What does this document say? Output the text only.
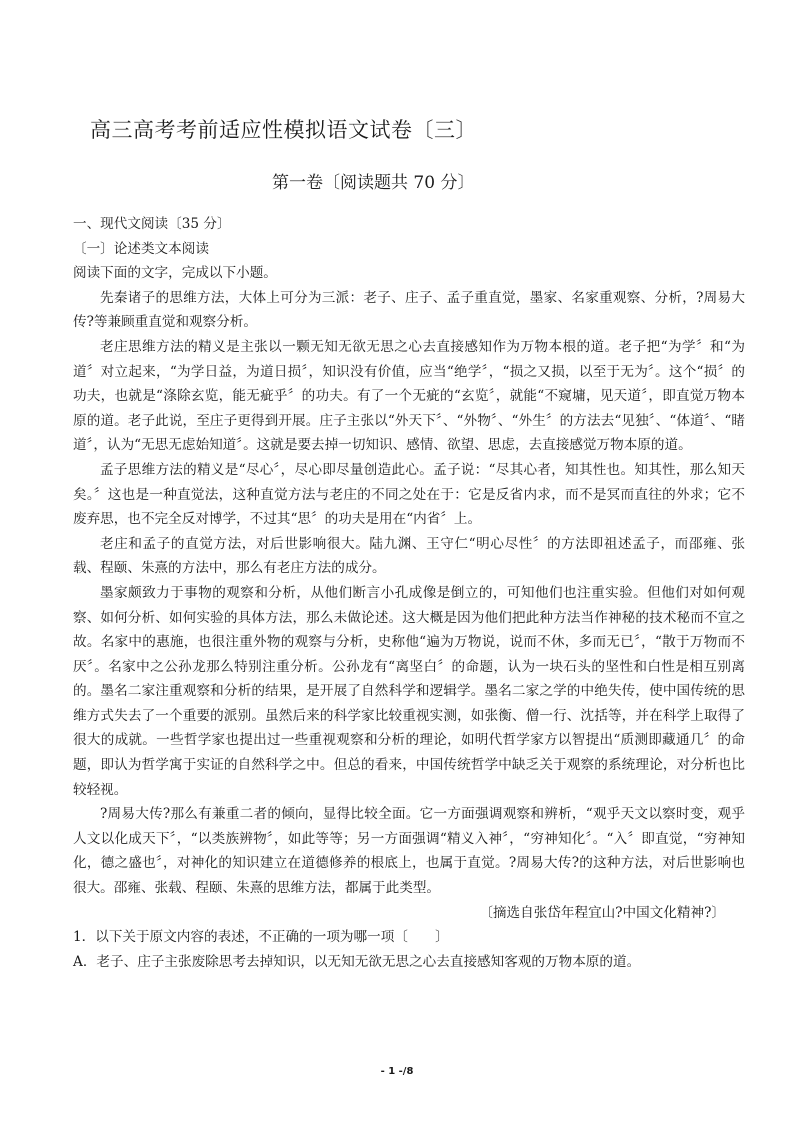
高三高考考前适应性模拟语文试卷〔三〕
第一卷〔阅读题共 70 分〕

一、现代文阅读〔35 分〕

〔一〕论述类文本阅读

阅读下面的文字，完成以下小题。

先秦诸子的思维方法，大体上可分为三派：老子、庄子、孟子重直觉，墨家、名家重观察、分析，?周易大传?等兼顾重直觉和观察分析。

老庄思维方法的精义是主张以一颗无知无欲无思之心去直接感知作为万物本根的道。老子把“为学〞和“为道〞对立起来，“为学日益，为道日损〞，知识没有价值，应当“绝学〞，“损之又损，以至于无为〞。这个“损〞的功夫，也就是“涤除玄览，能无疵乎〞的功夫。有了一个无疵的“玄览〞，就能“不窥墉，见天道〞，即直觉万物本原的道。老子此说，至庄子更得到开展。庄子主张以“外天下〞、“外物〞、“外生〞的方法去“见独〞、“体道〞、“睹道〞，认为“无思无虑始知道〞。这就是要去掉一切知识、感情、欲望、思虑，去直接感觉万物本原的道。

孟子思维方法的精义是“尽心〞，尽心即尽量创造此心。孟子说：“尽其心者，知其性也。知其性，那么知天矣。〞这也是一种直觉法，这种直觉方法与老庄的不同之处在于：它是反省内求，而不是冥而直往的外求；它不废弃思，也不完全反对博学，不过其“思〞的功夫是用在“内省〞上。

老庄和孟子的直觉方法，对后世影响很大。陆九渊、王守仁“明心尽性〞的方法即祖述孟子，而邵雍、张载、程颐、朱熹的方法中，那么有老庄方法的成分。

墨家颇致力于事物的观察和分析，从他们断言小孔成像是倒立的，可知他们也注重实验。但他们对如何观察、如何分析、如何实验的具体方法，那么未做论述。这大概是因为他们把此种方法当作神秘的技术秘而不宣之故。名家中的惠施，也很注重外物的观察与分析，史称他“遍为万物说，说而不休，多而无已〞，“散于万物而不厌〞。名家中之公孙龙那么特别注重分析。公孙龙有“离坚白〞的命题，认为一块石头的坚性和白性是相互别离的。墨名二家注重观察和分析的结果，是开展了自然科学和逻辑学。墨名二家之学的中绝失传，使中国传统的思维方式失去了一个重要的派别。虽然后来的科学家比较重视实测，如张衡、僧一行、沈括等，并在科学上取得了很大的成就。一些哲学家也提出过一些重视观察和分析的理论，如明代哲学家方以智提出“质测即藏通几〞的命题，即认为哲学寓于实证的自然科学之中。但总的看来，中国传统哲学中缺乏关于观察的系统理论，对分析也比较轻视。

?周易大传?那么有兼重二者的倾向，显得比较全面。它一方面强调观察和辨析，“观乎天文以察时变，观乎人文以化成天下〞，“以类族辨物〞，如此等等；另一方面强调“精义入神〞，“穷神知化〞。“入〞即直觉，“穷神知化，德之盛也〞，对神化的知识建立在道德修养的根底上，也属于直觉。?周易大传?的这种方法，对后世影响也很大。邵雍、张载、程颐、朱熹的思维方法，都属于此类型。

〔摘选自张岱年程宜山?中国文化精神?〕

1．以下关于原文内容的表述，不正确的一项为哪一项〔　　〕

A．老子、庄子主张废除思考去掉知识，以无知无欲无思之心去直接感知客观的万物本原的道。

- 1 -/8
